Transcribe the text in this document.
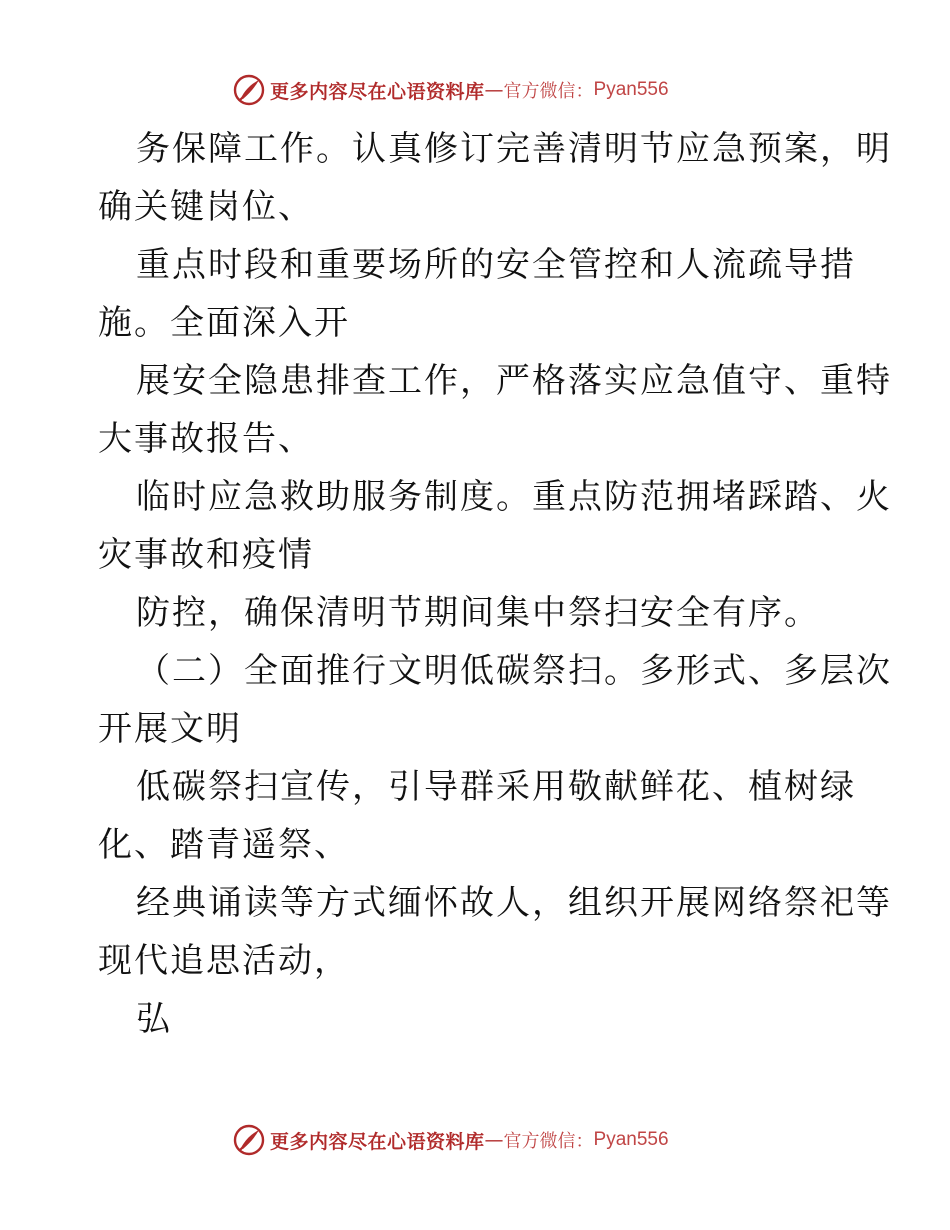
更多内容尽在心语资料库 — 官方微信： Pyan556
务保障工作。认真修订完善清明节应急预案，明
确关键岗位、
重点时段和重要场所的安全管控和人流疏导措
施。全面深入开
展安全隐患排查工作，严格落实应急值守、重特
大事故报告、
临时应急救助服务制度。重点防范拥堵踩踏、火
灾事故和疫情
防控，确保清明节期间集中祭扫安全有序。
（二）全面推行文明低碳祭扫。多形式、多层次
开展文明
低碳祭扫宣传，引导群采用敬献鲜花、植树绿
化、踏青遥祭、
经典诵读等方式缅怀故人，组织开展网络祭祀等
现代追思活动，
弘
更多内容尽在心语资料库 — 官方微信： Pyan556
